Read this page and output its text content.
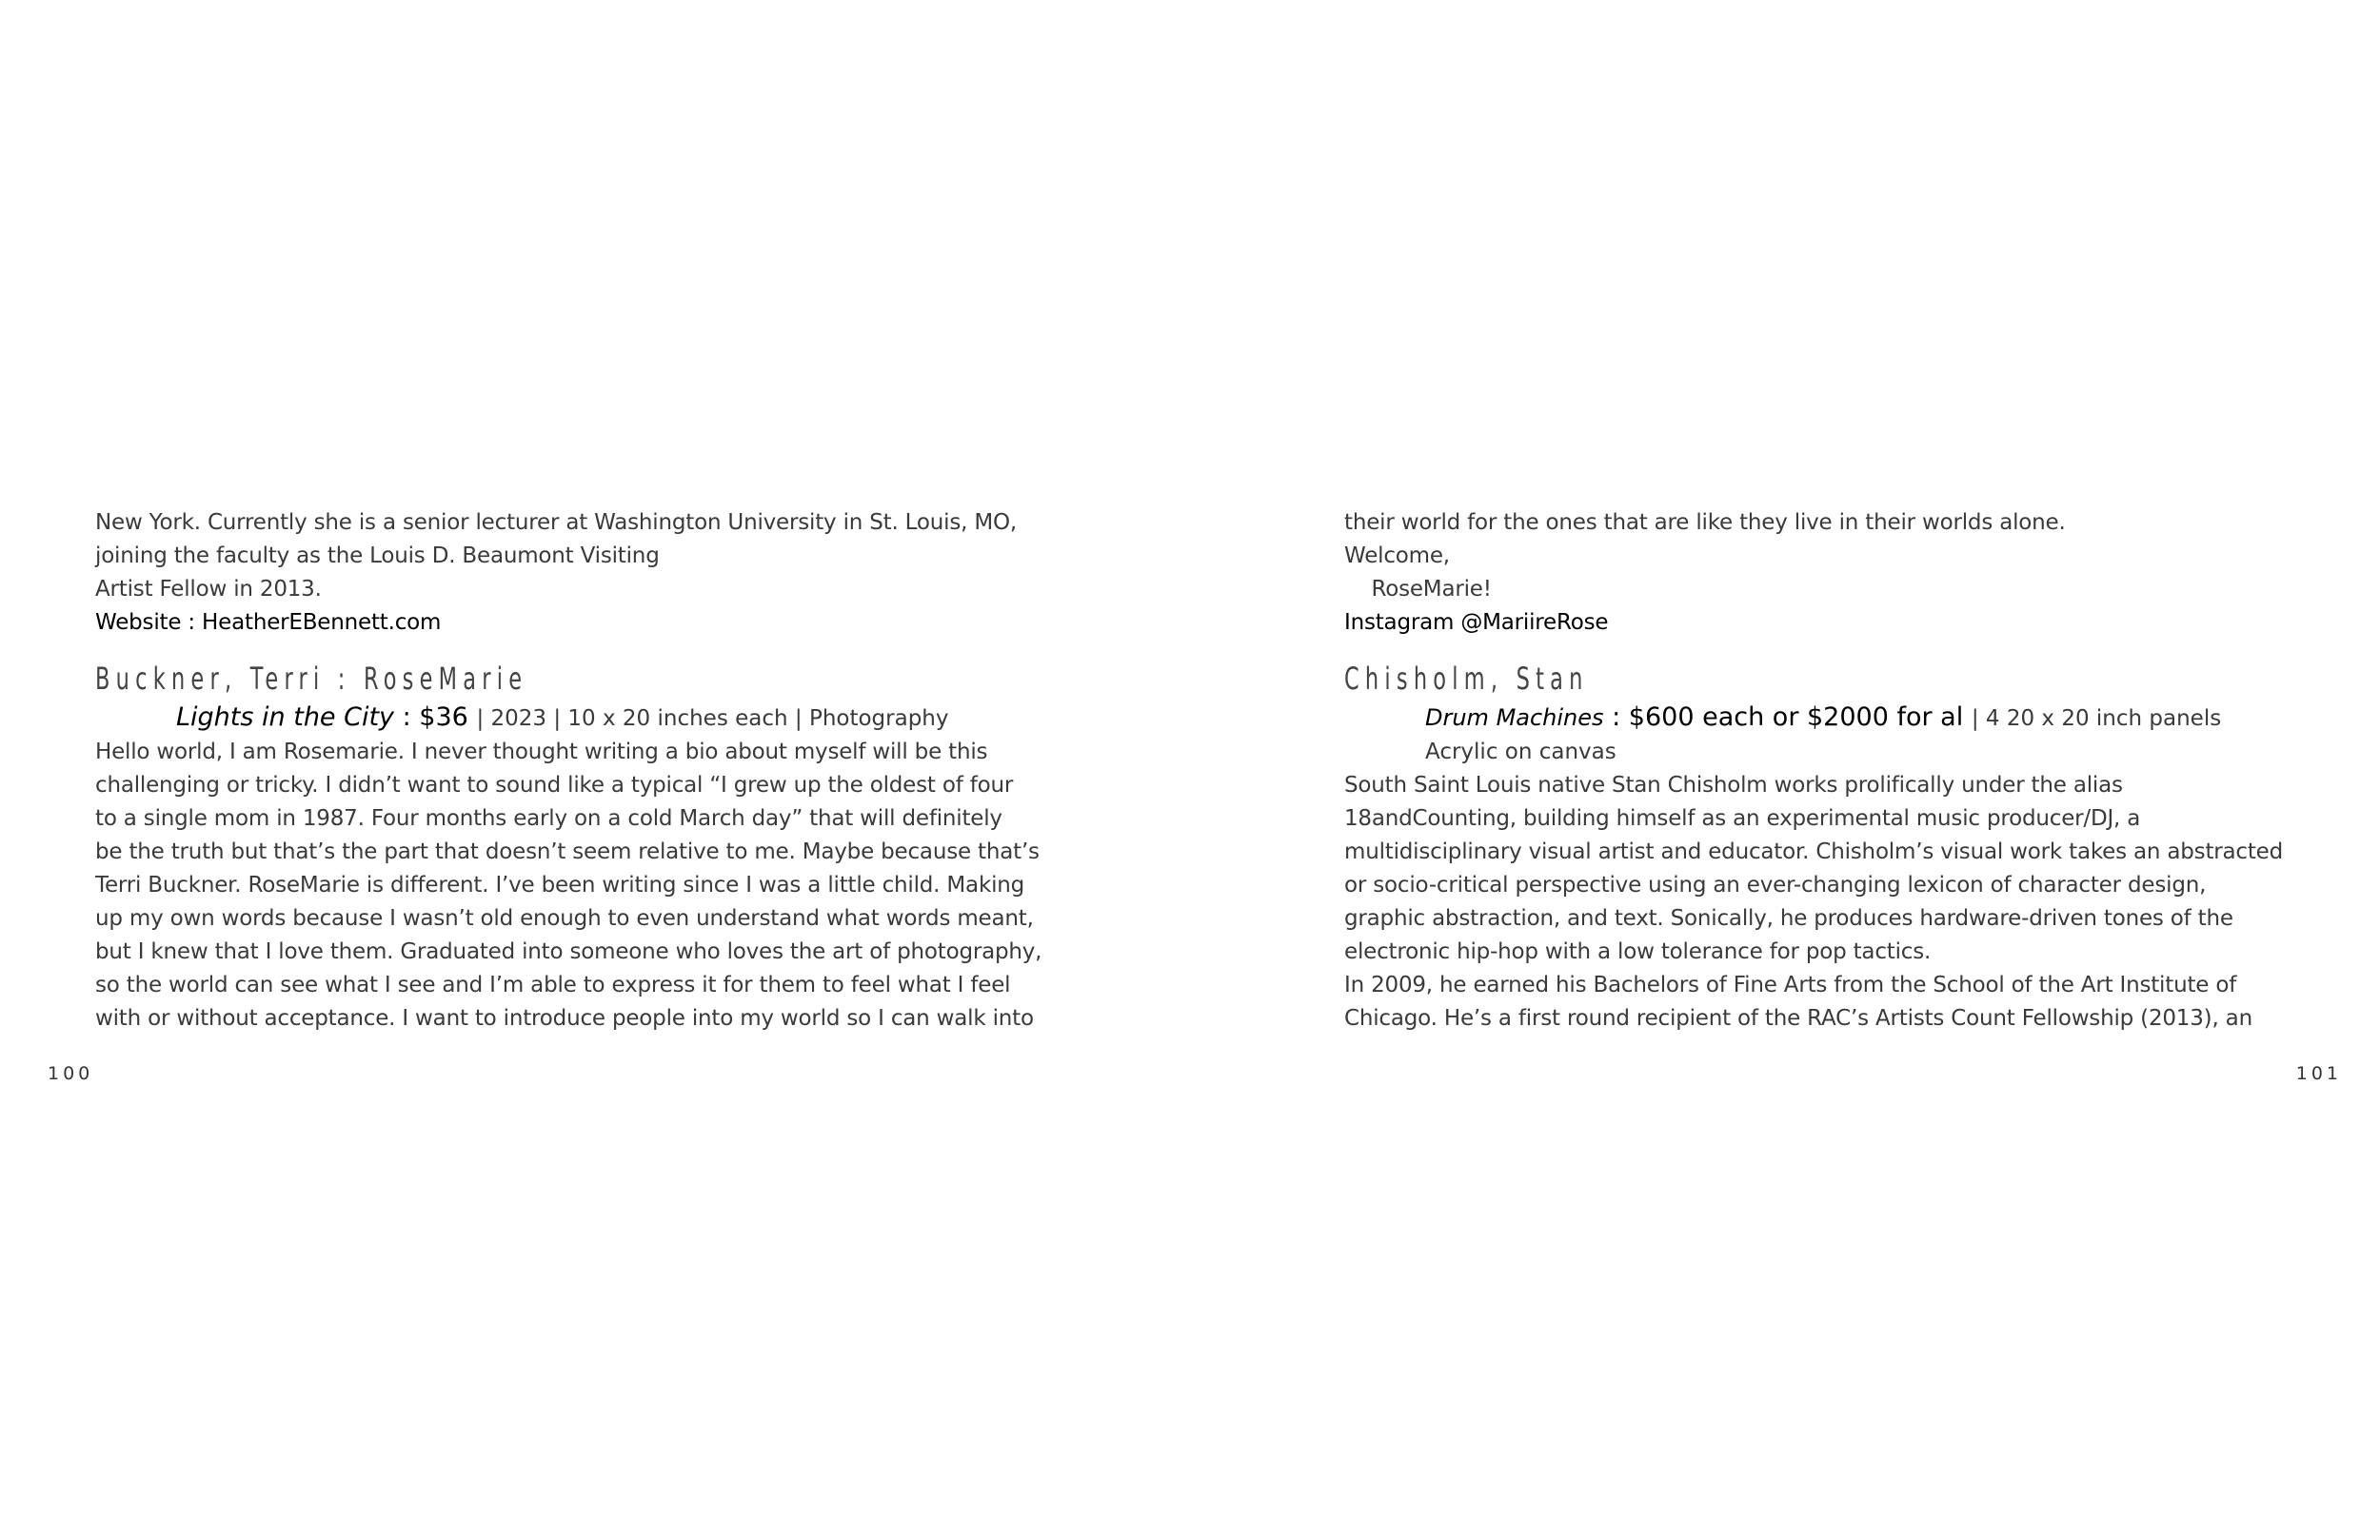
New York. Currently she is a senior lecturer at Washington University in St. Louis, MO,
joining the faculty as the Louis D. Beaumont Visiting
Artist Fellow in 2013.
Website : HeatherEBennett.com
Buckner, Terri : RoseMarie
Lights in the City : $36 | 2023 | 10 x 20 inches each | Photography
Hello world, I am Rosemarie. I never thought writing a bio about myself will be this
challenging or tricky. I didn’t want to sound like a typical “I grew up the oldest of four
to a single mom in 1987. Four months early on a cold March day” that will definitely
be the truth but that’s the part that doesn’t seem relative to me. Maybe because that’s
Terri Buckner. RoseMarie is different. I’ve been writing since I was a little child. Making
up my own words because I wasn’t old enough to even understand what words meant,
but I knew that I love them. Graduated into someone who loves the art of photography,
so the world can see what I see and I’m able to express it for them to feel what I feel
with or without acceptance. I want to introduce people into my world so I can walk into
100
their world for the ones that are like they live in their worlds alone.
Welcome,
RoseMarie!
Instagram @MariireRose
Chisholm, Stan
Drum Machines : $600 each or $2000 for al | 4 20 x 20 inch panels
Acrylic on canvas
South Saint Louis native Stan Chisholm works prolifically under the alias
18andCounting, building himself as an experimental music producer/DJ, a
multidisciplinary visual artist and educator. Chisholm’s visual work takes an abstracted
or socio-critical perspective using an ever-changing lexicon of character design,
graphic abstraction, and text. Sonically, he produces hardware-driven tones of the
electronic hip-hop with a low tolerance for pop tactics.
In 2009, he earned his Bachelors of Fine Arts from the School of the Art Institute of
Chicago. He’s a first round recipient of the RAC’s Artists Count Fellowship (2013), an
101
